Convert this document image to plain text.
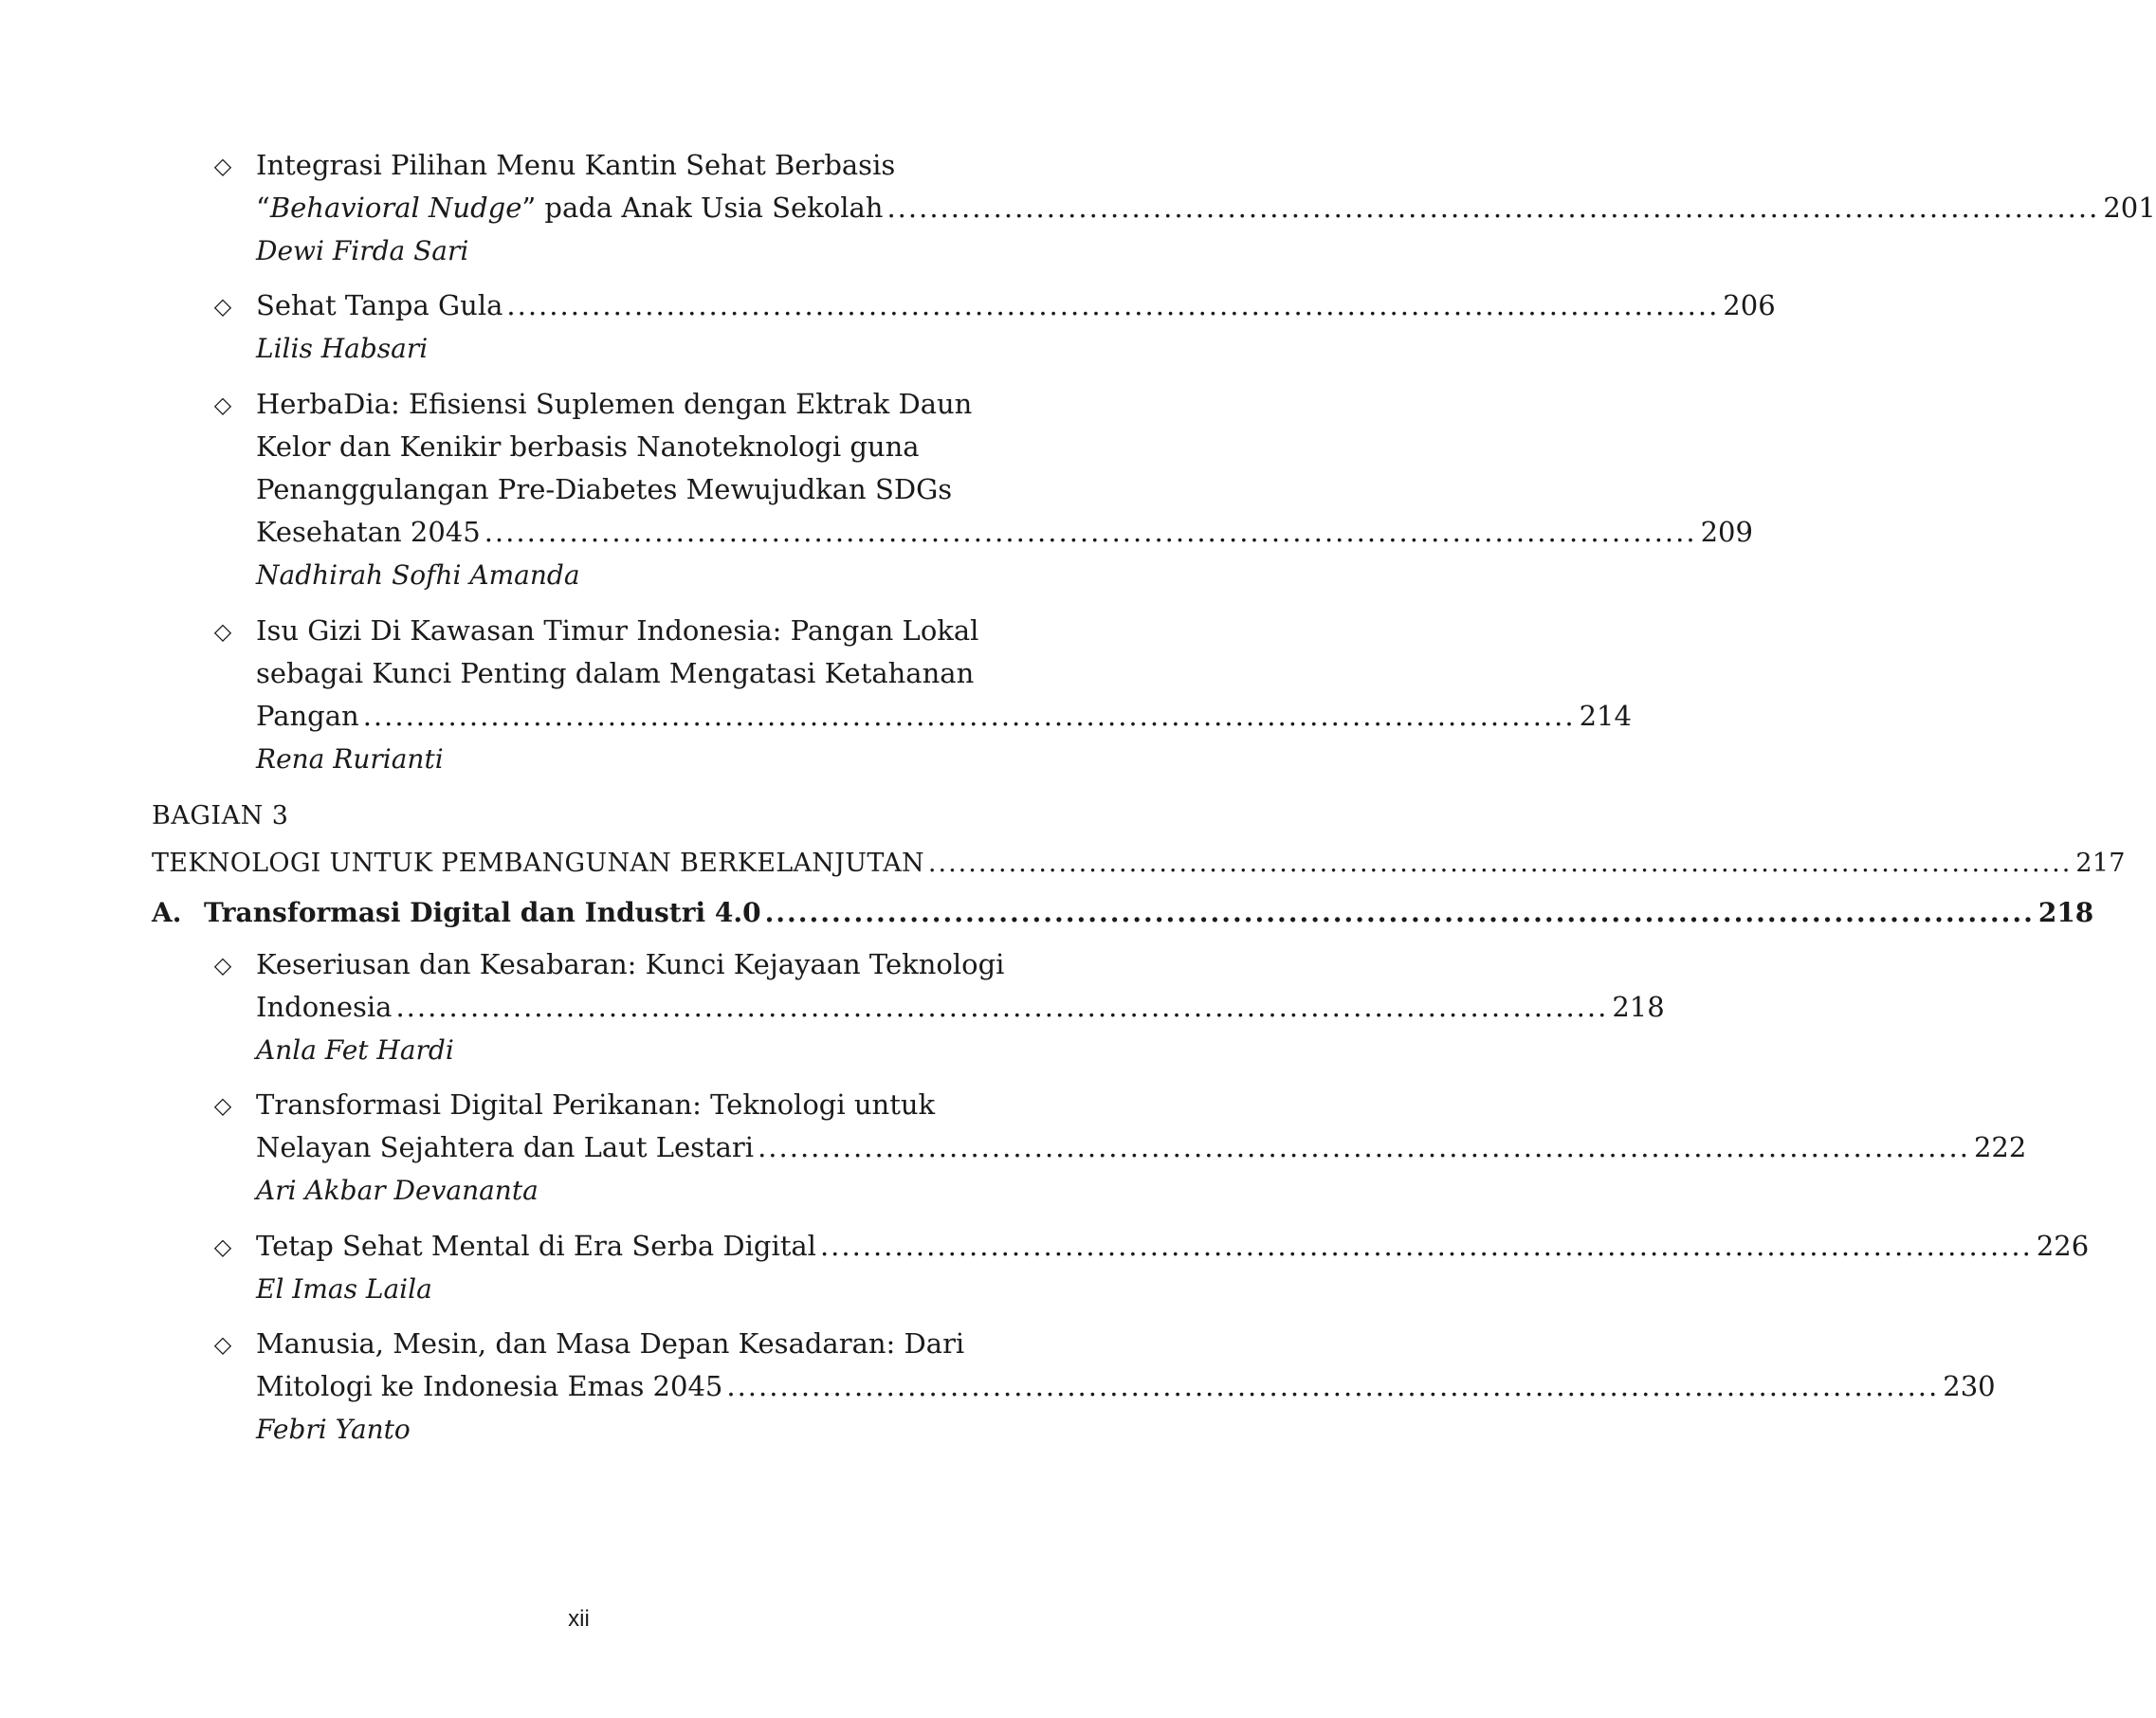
◇ Integrasi Pilihan Menu Kantin Sehat Berbasis
“Behavioral Nudge” pada Anak Usia Sekolah .................................................................................................................. 201
Dewi Firda Sari
◇ Sehat Tanpa Gula .................................................................................................................. 206
Lilis Habsari
◇ HerbaDia: Efisiensi Suplemen dengan Ektrak Daun
Kelor dan Kenikir berbasis Nanoteknologi guna
Penanggulangan Pre-Diabetes Mewujudkan SDGs
Kesehatan 2045 .................................................................................................................. 209
Nadhirah Sofhi Amanda
◇ Isu Gizi Di Kawasan Timur Indonesia: Pangan Lokal
sebagai Kunci Penting dalam Mengatasi Ketahanan
Pangan .................................................................................................................. 214
Rena Rurianti
BAGIAN 3
TEKNOLOGI UNTUK PEMBANGUNAN BERKELANJUTAN .................................................................................................................. 217
A. Transformasi Digital dan Industri 4.0 .................................................................................................................. 218
◇ Keseriusan dan Kesabaran: Kunci Kejayaan Teknologi
Indonesia .................................................................................................................. 218
Anla Fet Hardi
◇ Transformasi Digital Perikanan: Teknologi untuk
Nelayan Sejahtera dan Laut Lestari .................................................................................................................. 222
Ari Akbar Devananta
◇ Tetap Sehat Mental di Era Serba Digital .................................................................................................................. 226
El Imas Laila
◇ Manusia, Mesin, dan Masa Depan Kesadaran: Dari
Mitologi ke Indonesia Emas 2045 .................................................................................................................. 230
Febri Yanto
xii
